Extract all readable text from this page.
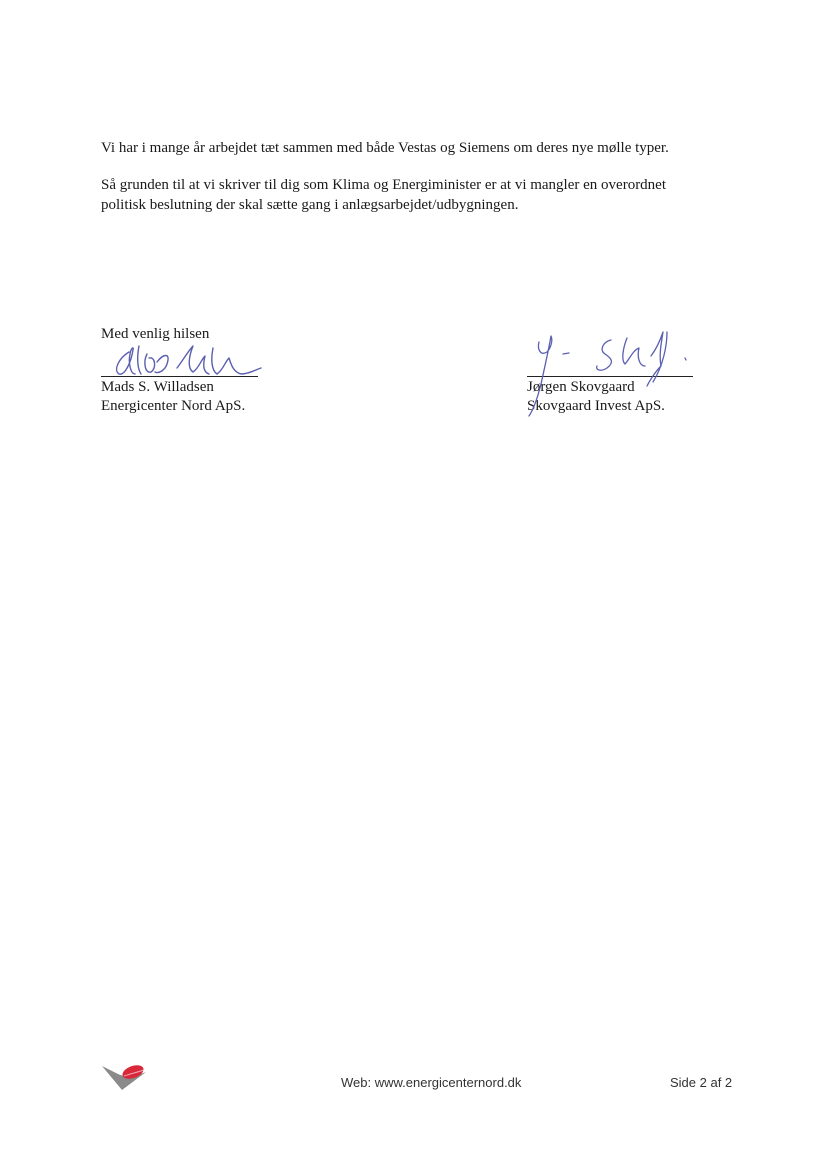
Vi har i mange år arbejdet tæt sammen med både Vestas og Siemens om deres nye mølle typer.

Så grunden til at vi skriver til dig som Klima og Energiminister er at vi mangler en overordnet
politisk beslutning der skal sætte gang i anlægsarbejdet/udbygningen.

Med venlig hilsen
Mads S. Willadsen
Energicenter Nord ApS.
Jørgen Skovgaard
Skovgaard Invest ApS.
Web: www.energicenternord.dk	Side 2 af 2
